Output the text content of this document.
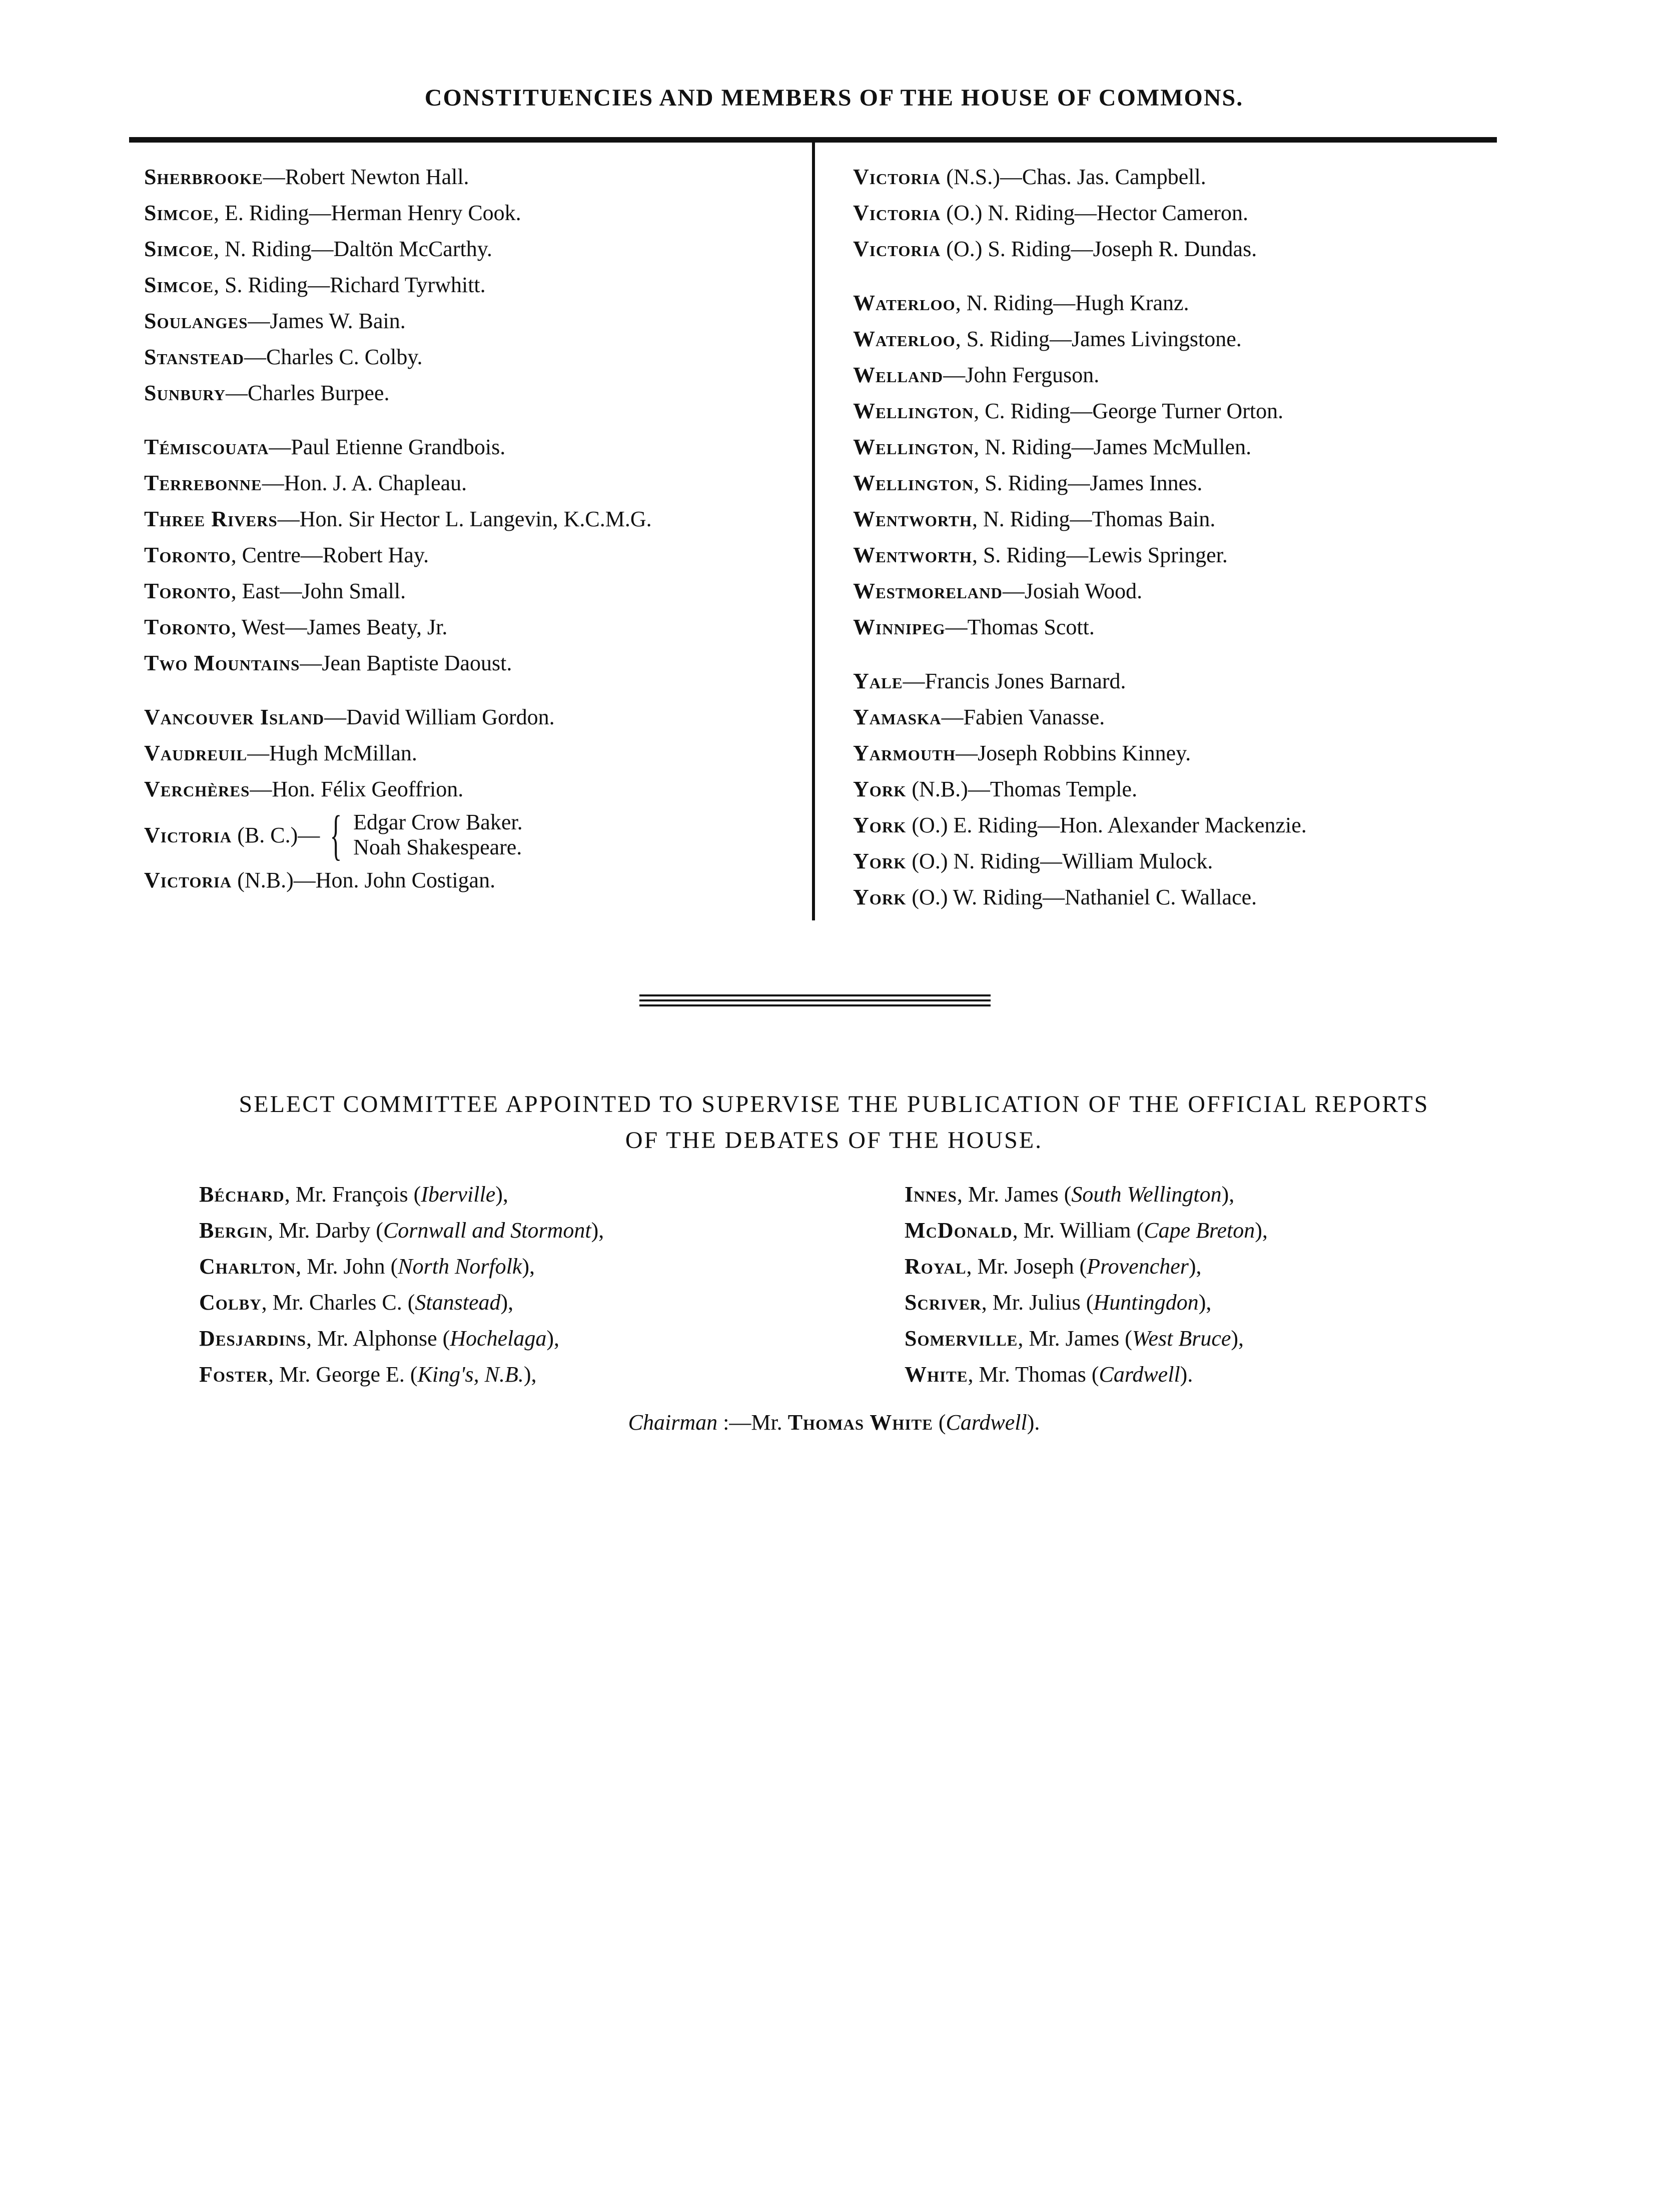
CONSTITUENCIES AND MEMBERS OF THE HOUSE OF COMMONS.
Sherbrooke—Robert Newton Hall.
Simcoe, E. Riding—Herman Henry Cook.
Simcoe, N. Riding—Daltön McCarthy.
Simcoe, S. Riding—Richard Tyrwhitt.
Soulanges—James W. Bain.
Stanstead—Charles C. Colby.
Sunbury—Charles Burpee.
Témiscouata—Paul Etienne Grandbois.
Terrebonne—Hon. J. A. Chapleau.
Three Rivers—Hon. Sir Hector L. Langevin, K.C.M.G.
Toronto, Centre—Robert Hay.
Toronto, East—John Small.
Toronto, West—James Beaty, Jr.
Two Mountains—Jean Baptiste Daoust.
Vancouver Island—David William Gordon.
Vaudreuil—Hugh McMillan.
Verchères—Hon. Félix Geoffrion.
Victoria (B. C.)— { Edgar Crow Baker.
Noah Shakespeare.
Victoria (N.B.)—Hon. John Costigan.
Victoria (N.S.)—Chas. Jas. Campbell.
Victoria (O.) N. Riding—Hector Cameron.
Victoria (O.) S. Riding—Joseph R. Dundas.
Waterloo, N. Riding—Hugh Kranz.
Waterloo, S. Riding—James Livingstone.
Welland—John Ferguson.
Wellington, C. Riding—George Turner Orton.
Wellington, N. Riding—James McMullen.
Wellington, S. Riding—James Innes.
Wentworth, N. Riding—Thomas Bain.
Wentworth, S. Riding—Lewis Springer.
Westmoreland—Josiah Wood.
Winnipeg—Thomas Scott.
Yale—Francis Jones Barnard.
Yamaska—Fabien Vanasse.
Yarmouth—Joseph Robbins Kinney.
York (N.B.)—Thomas Temple.
York (O.) E. Riding—Hon. Alexander Mackenzie.
York (O.) N. Riding—William Mulock.
York (O.) W. Riding—Nathaniel C. Wallace.
SELECT COMMITTEE APPOINTED TO SUPERVISE THE PUBLICATION OF THE OFFICIAL REPORTS
OF THE DEBATES OF THE HOUSE.
Béchard, Mr. François (Iberville),
Bergin, Mr. Darby (Cornwall and Stormont),
Charlton, Mr. John (North Norfolk),
Colby, Mr. Charles C. (Stanstead),
Desjardins, Mr. Alphonse (Hochelaga),
Foster, Mr. George E. (King's, N.B.),
Innes, Mr. James (South Wellington),
McDonald, Mr. William (Cape Breton),
Royal, Mr. Joseph (Provencher),
Scriver, Mr. Julius (Huntingdon),
Somerville, Mr. James (West Bruce),
White, Mr. Thomas (Cardwell).
Chairman :—Mr. Thomas White (Cardwell).
